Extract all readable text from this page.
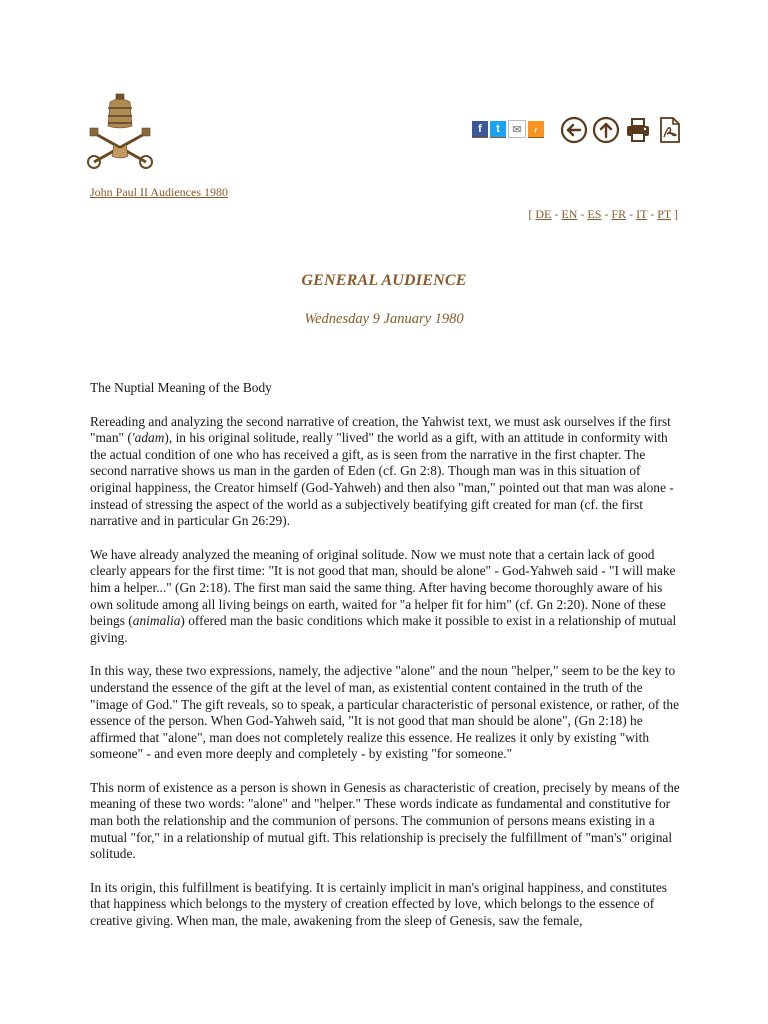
f	t	✉	ᵣ
John Paul II Audiences 1980
[ DE - EN - ES - FR - IT - PT ]
GENERAL AUDIENCE
Wednesday 9 January 1980

The Nuptial Meaning of the Body

Rereading and analyzing the second narrative of creation, the Yahwist text, we must ask ourselves if the first "man" ('adam), in his original solitude, really "lived" the world as a gift, with an attitude in conformity with the actual condition of one who has received a gift, as is seen from the narrative in the first chapter. The second narrative shows us man in the garden of Eden (cf. Gn 2:8). Though man was in this situation of original happiness, the Creator himself (God-Yahweh) and then also "man," pointed out that man was alone - instead of stressing the aspect of the world as a subjectively beatifying gift created for man (cf. the first narrative and in particular Gn 26:29).

We have already analyzed the meaning of original solitude. Now we must note that a certain lack of good clearly appears for the first time: "It is not good that man, should be alone" - God-Yahweh said - "I will make him a helper..." (Gn 2:18). The first man said the same thing. After having become thoroughly aware of his own solitude among all living beings on earth, waited for "a helper fit for him" (cf. Gn 2:20). None of these beings (animalia) offered man the basic conditions which make it possible to exist in a relationship of mutual giving.

In this way, these two expressions, namely, the adjective "alone" and the noun "helper," seem to be the key to understand the essence of the gift at the level of man, as existential content contained in the truth of the "image of God." The gift reveals, so to speak, a particular characteristic of personal existence, or rather, of the essence of the person. When God-Yahweh said, "It is not good that man should be alone", (Gn 2:18) he affirmed that "alone", man does not completely realize this essence. He realizes it only by existing "with someone" - and even more deeply and completely - by existing "for someone."

This norm of existence as a person is shown in Genesis as characteristic of creation, precisely by means of the meaning of these two words: "alone" and "helper." These words indicate as fundamental and constitutive for man both the relationship and the communion of persons. The communion of persons means existing in a mutual "for," in a relationship of mutual gift. This relationship is precisely the fulfillment of "man's" original solitude.

In its origin, this fulfillment is beatifying. It is certainly implicit in man's original happiness, and constitutes that happiness which belongs to the mystery of creation effected by love, which belongs to the essence of creative giving. When man, the male, awakening from the sleep of Genesis, saw the female,
